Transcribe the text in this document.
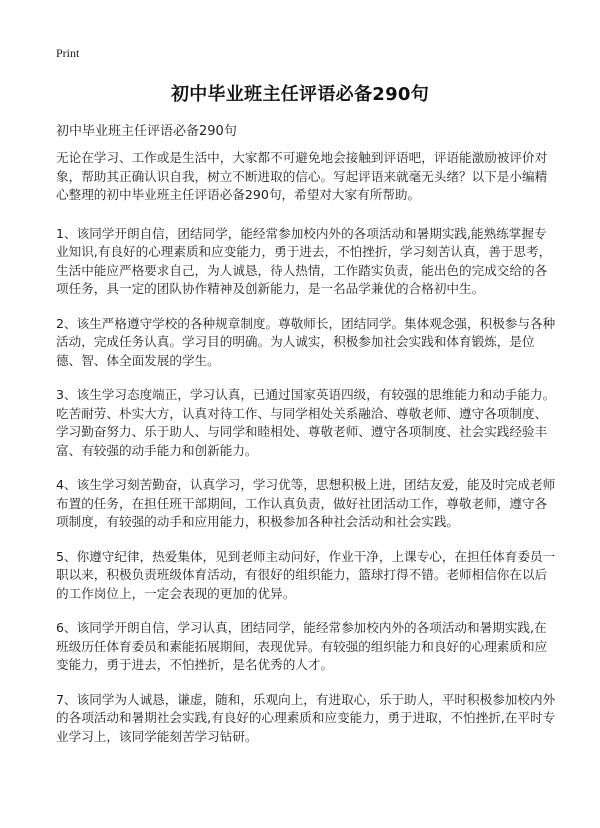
Print
初中毕业班主任评语必备290句
初中毕业班主任评语必备290句

无论在学习、工作或是生活中，大家都不可避免地会接触到评语吧，评语能激励被评价对象，帮助其正确认识自我，树立不断进取的信心。写起评语来就毫无头绪？以下是小编精心整理的初中毕业班主任评语必备290句，希望对大家有所帮助。

1、该同学开朗自信，团结同学，能经常参加校内外的各项活动和暑期实践,能熟练掌握专业知识,有良好的心理素质和应变能力，勇于进去，不怕挫折，学习刻苦认真，善于思考，生活中能应严格要求自己，为人诚恳，待人热情，工作踏实负责，能出色的完成交给的各项任务，具一定的团队协作精神及创新能力，是一名品学兼优的合格初中生。

2、该生严格遵守学校的各种规章制度。尊敬师长，团结同学。集体观念强，积极参与各种活动，完成任务认真。学习目的明确。为人诚实，积极参加社会实践和体育锻炼，是位德、智、体全面发展的学生。

3、该生学习态度端正，学习认真，已通过国家英语四级，有较强的思维能力和动手能力。吃苦耐劳、朴实大方，认真对待工作、与同学相处关系融洽、尊敬老师、遵守各项制度、学习勤奋努力、乐于助人、与同学和睦相处、尊敬老师、遵守各项制度、社会实践经验丰富、有较强的动手能力和创新能力。

4、该生学习刻苦勤奋，认真学习，学习优等，思想积极上进，团结友爱，能及时完成老师布置的任务，在担任班干部期间，工作认真负责，做好社团活动工作，尊敬老师，遵守各项制度，有较强的动手和应用能力，积极参加各种社会活动和社会实践。

5、你遵守纪律，热爱集体，见到老师主动问好，作业干净，上课专心，在担任体育委员一职以来，积极负责班级体育活动，有很好的组织能力，篮球打得不错。老师相信你在以后的工作岗位上，一定会表现的更加的优异。

6、该同学开朗自信，学习认真，团结同学，能经常参加校内外的各项活动和暑期实践,在班级历任体育委员和素能拓展期间，表现优异。有较强的组织能力和良好的心理素质和应变能力，勇于进去，不怕挫折，是名优秀的人才。

7、该同学为人诚恳，谦虚，随和，乐观向上，有进取心，乐于助人，平时积极参加校内外的各项活动和暑期社会实践,有良好的心理素质和应变能力，勇于进取，不怕挫折,在平时专业学习上，该同学能刻苦学习钻研。
